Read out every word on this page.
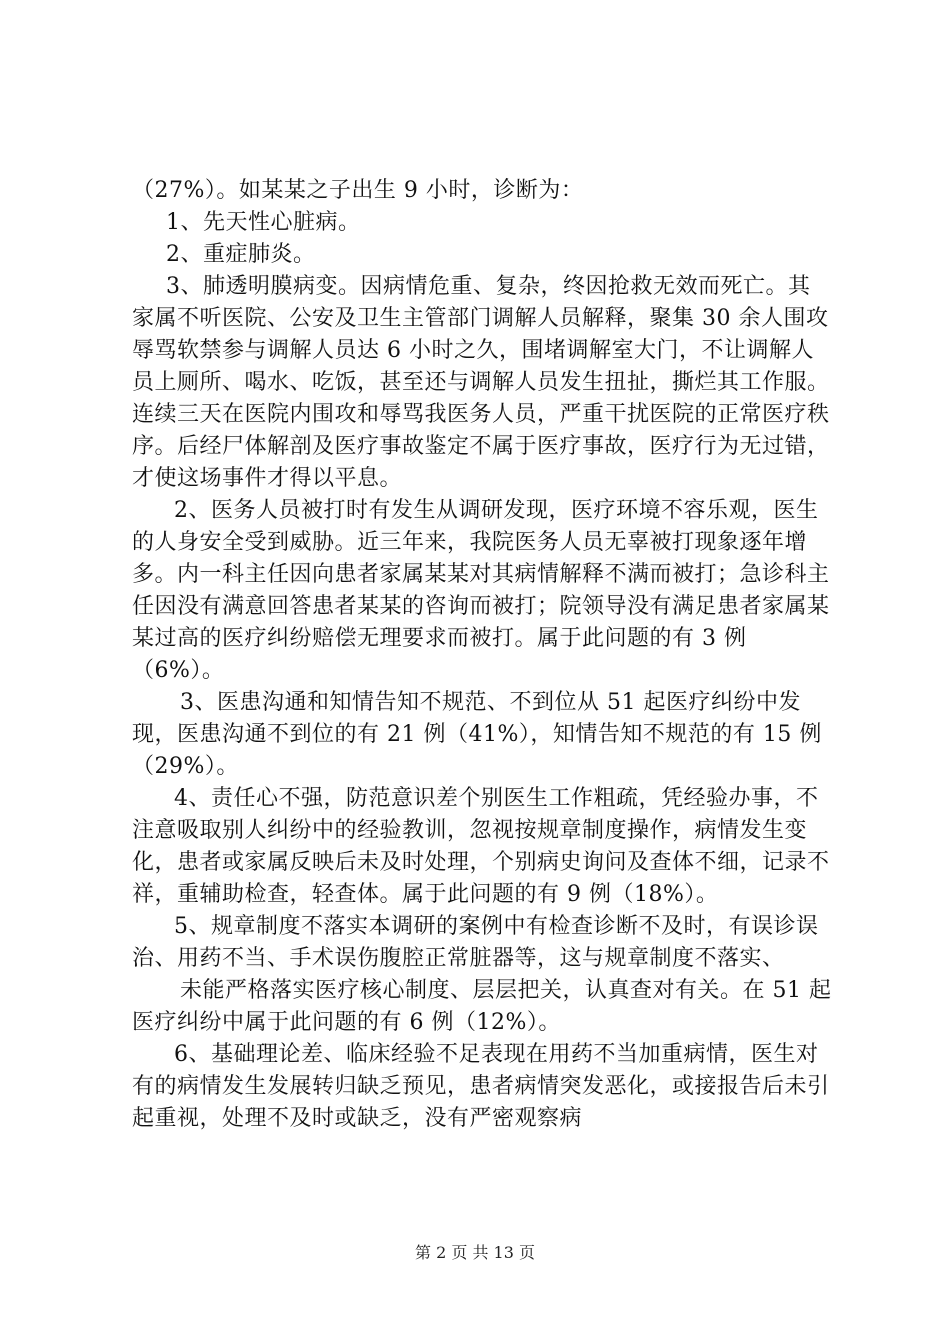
（27%）。如某某之子出生 9 小时，诊断为：

1、先天性心脏病。

2、重症肺炎。

3、肺透明膜病变。因病情危重、复杂，终因抢救无效而死亡。其家属不听医院、公安及卫生主管部门调解人员解释，聚集 30 余人围攻辱骂软禁参与调解人员达 6 小时之久，围堵调解室大门，不让调解人员上厕所、喝水、吃饭，甚至还与调解人员发生扭扯，撕烂其工作服。连续三天在医院内围攻和辱骂我医务人员，严重干扰医院的正常医疗秩序。后经尸体解剖及医疗事故鉴定不属于医疗事故，医疗行为无过错，才使这场事件才得以平息。

2、医务人员被打时有发生从调研发现，医疗环境不容乐观，医生的人身安全受到威胁。近三年来，我院医务人员无辜被打现象逐年增多。内一科主任因向患者家属某某对其病情解释不满而被打；急诊科主任因没有满意回答患者某某的咨询而被打；院领导没有满足患者家属某某过高的医疗纠纷赔偿无理要求而被打。属于此问题的有 3 例（6%）。

3、医患沟通和知情告知不规范、不到位从 51 起医疗纠纷中发现，医患沟通不到位的有 21 例（41%），知情告知不规范的有 15 例（29%）。

4、责任心不强，防范意识差个别医生工作粗疏，凭经验办事，不注意吸取别人纠纷中的经验教训，忽视按规章制度操作，病情发生变化，患者或家属反映后未及时处理，个别病史询问及查体不细，记录不祥，重辅助检查，轻查体。属于此问题的有 9 例（18%）。

5、规章制度不落实本调研的案例中有检查诊断不及时，有误诊误治、用药不当、手术误伤腹腔正常脏器等，这与规章制度不落实、

未能严格落实医疗核心制度、层层把关，认真查对有关。在 51 起医疗纠纷中属于此问题的有 6 例（12%）。

6、基础理论差、临床经验不足表现在用药不当加重病情，医生对有的病情发生发展转归缺乏预见，患者病情突发恶化，或接报告后未引起重视，处理不及时或缺乏，没有严密观察病

第 2 页 共 13 页
